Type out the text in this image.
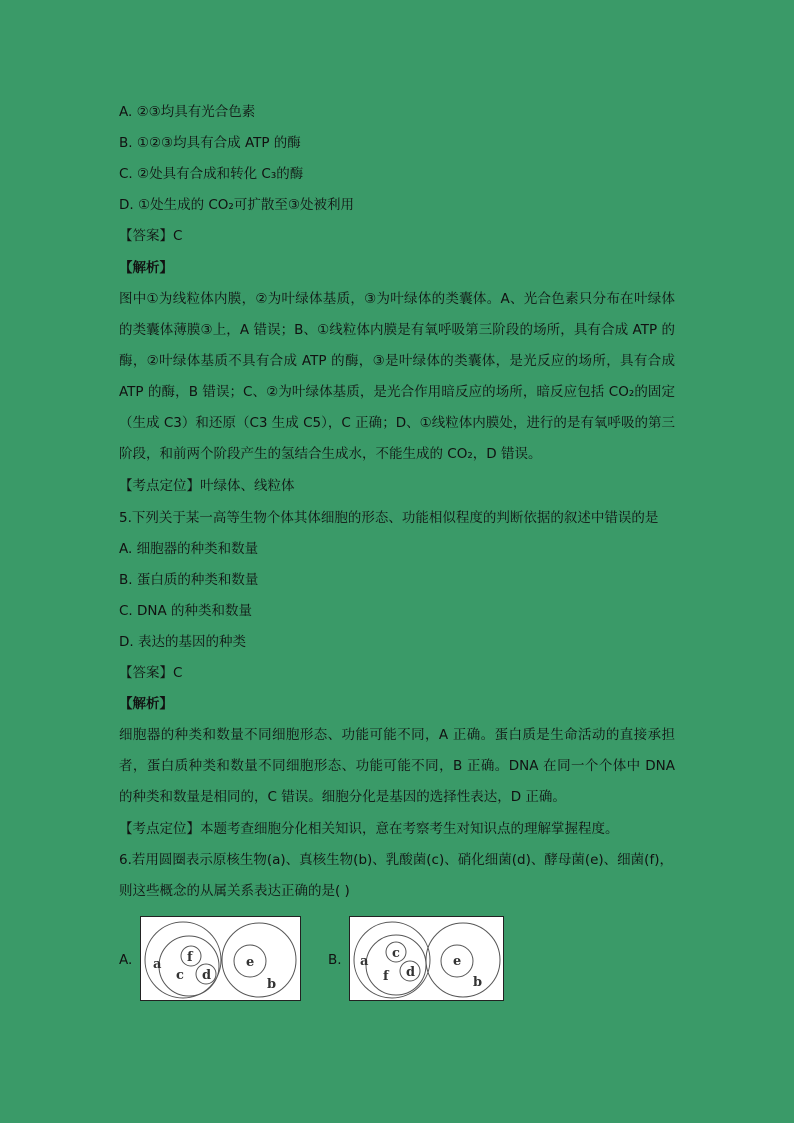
A. ②③均具有光合色素
B. ①②③均具有合成 ATP 的酶
C. ②处具有合成和转化 C₃的酶
D. ①处生成的 CO₂可扩散至③处被利用
【答案】C
【解析】
图中①为线粒体内膜，②为叶绿体基质，③为叶绿体的类囊体。A、光合色素只分布在叶绿体的类囊体薄膜③上，A 错误；B、①线粒体内膜是有氧呼吸第三阶段的场所，具有合成 ATP 的酶，②叶绿体基质不具有合成 ATP 的酶，③是叶绿体的类囊体，是光反应的场所，具有合成 ATP 的酶，B 错误；C、②为叶绿体基质，是光合作用暗反应的场所，暗反应包括 CO₂的固定（生成 C3）和还原（C3 生成 C5），C 正确；D、①线粒体内膜处，进行的是有氧呼吸的第三阶段，和前两个阶段产生的氢结合生成水，不能生成的 CO₂，D 错误。
【考点定位】叶绿体、线粒体
5.下列关于某一高等生物个体其体细胞的形态、功能相似程度的判断依据的叙述中错误的是
A. 细胞器的种类和数量
B. 蛋白质的种类和数量
C. DNA 的种类和数量
D. 表达的基因的种类
【答案】C
【解析】
细胞器的种类和数量不同细胞形态、功能可能不同，A 正确。蛋白质是生命活动的直接承担者，蛋白质种类和数量不同细胞形态、功能可能不同，B 正确。DNA 在同一个个体中 DNA 的种类和数量是相同的，C 错误。细胞分化是基因的选择性表达，D 正确。
【考点定位】本题考查细胞分化相关知识，意在考察考生对知识点的理解掌握程度。
6.若用圆圈表示原核生物(a)、真核生物(b)、乳酸菌(c)、硝化细菌(d)、酵母菌(e)、细菌(f)，
则这些概念的从属关系表达正确的是( )
A. a f
c d
e
b
B. a
c
f d
e
b
